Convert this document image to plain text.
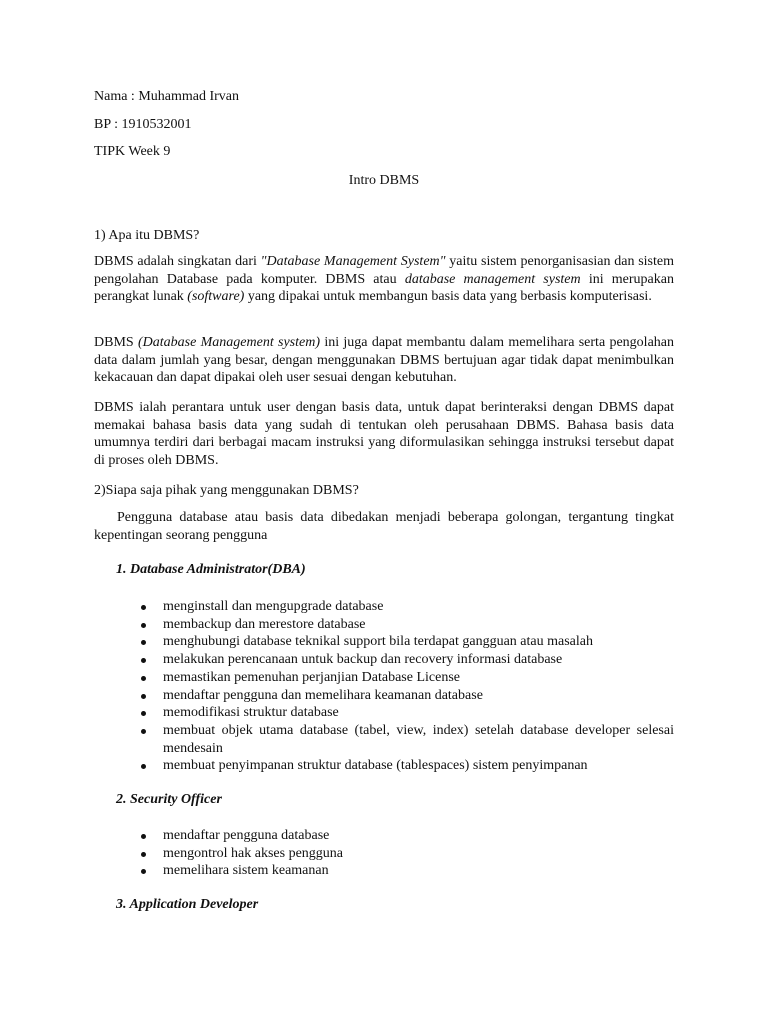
Nama : Muhammad Irvan

BP : 1910532001

TIPK Week 9

Intro DBMS

1) Apa itu DBMS?

DBMS adalah singkatan dari "Database Management System" yaitu sistem penorganisasian dan sistem pengolahan Database pada komputer. DBMS atau database management system ini merupakan perangkat lunak (software) yang dipakai untuk membangun basis data yang berbasis komputerisasi.

DBMS (Database Management system) ini juga dapat membantu dalam memelihara serta pengolahan data dalam jumlah yang besar, dengan menggunakan DBMS bertujuan agar tidak dapat menimbulkan kekacauan dan dapat dipakai oleh user sesuai dengan kebutuhan.

DBMS ialah perantara untuk user dengan basis data, untuk dapat berinteraksi dengan DBMS dapat memakai bahasa basis data yang sudah di tentukan oleh perusahaan DBMS. Bahasa basis data umumnya terdiri dari berbagai macam instruksi yang diformulasikan sehingga instruksi tersebut dapat di proses oleh DBMS.

2)Siapa saja pihak yang menggunakan DBMS?

Pengguna database atau basis data dibedakan menjadi beberapa golongan, tergantung tingkat kepentingan seorang pengguna

1. Database Administrator(DBA)

menginstall dan mengupgrade database
membackup dan merestore database
menghubungi database teknikal support bila terdapat gangguan atau masalah
melakukan perencanaan untuk backup dan recovery informasi database
memastikan pemenuhan perjanjian Database License
mendaftar pengguna dan memelihara keamanan database
memodifikasi struktur database
membuat objek utama database (tabel, view, index) setelah database developer selesai mendesain
membuat penyimpanan struktur database (tablespaces) sistem penyimpanan

2. Security Officer

mendaftar pengguna database
mengontrol hak akses pengguna
memelihara sistem keamanan

3. Application Developer
